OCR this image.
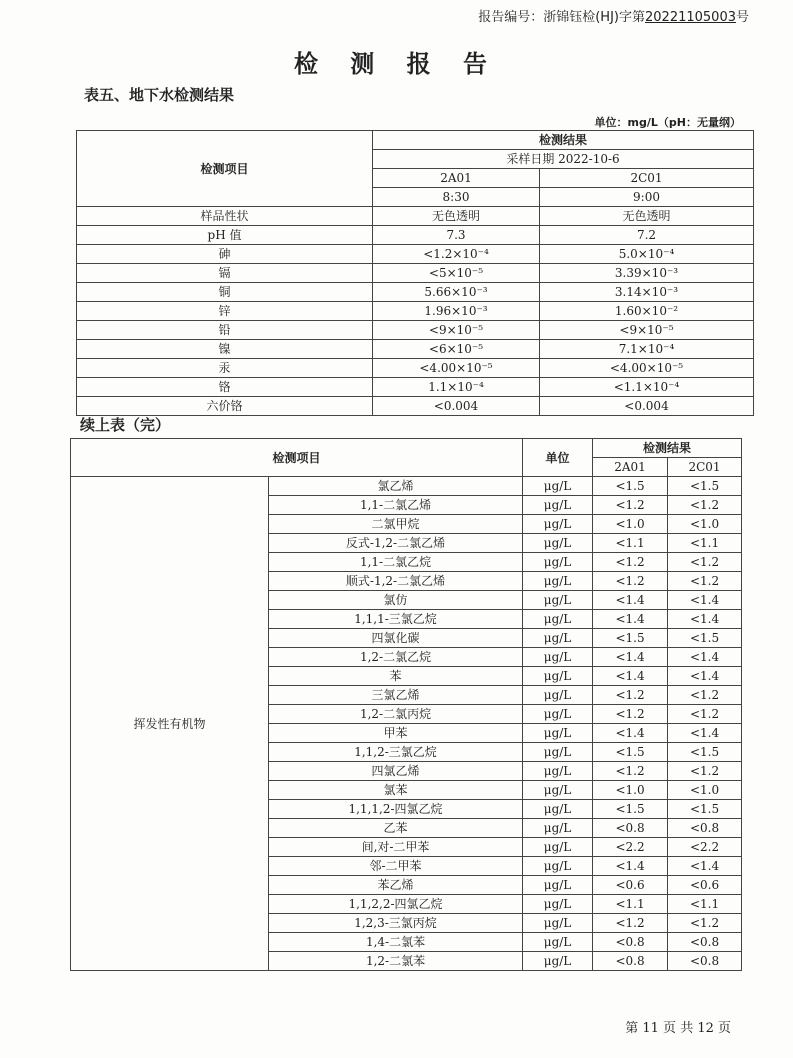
报告编号：浙锦钰检(HJ)字第20221105003号
检 测 报 告
表五、地下水检测结果
单位：mg/L（pH：无量纲）
检测项目	检测结果	
	采样日期 2022-10-6	
	2A01	2C01
	8:30	9:00
样品性状	无色透明	无色透明
pH 值	7.3	7.2
砷	<1.2×10⁻⁴	5.0×10⁻⁴
镉	<5×10⁻⁵	3.39×10⁻³
铜	5.66×10⁻³	3.14×10⁻³
锌	1.96×10⁻³	1.60×10⁻²
铅	<9×10⁻⁵	<9×10⁻⁵
镍	<6×10⁻⁵	7.1×10⁻⁴
汞	<4.00×10⁻⁵	<4.00×10⁻⁵
铬	1.1×10⁻⁴	<1.1×10⁻⁴
六价铬	<0.004	<0.004
续上表（完）
检测项目		单位	检测结果	
			2A01	2C01
挥发性有机物	氯乙烯	μg/L	<1.5	<1.5
	1,1-二氯乙烯	μg/L	<1.2	<1.2
	二氯甲烷	μg/L	<1.0	<1.0
	反式-1,2-二氯乙烯	μg/L	<1.1	<1.1
	1,1-二氯乙烷	μg/L	<1.2	<1.2
	顺式-1,2-二氯乙烯	μg/L	<1.2	<1.2
	氯仿	μg/L	<1.4	<1.4
	1,1,1-三氯乙烷	μg/L	<1.4	<1.4
	四氯化碳	μg/L	<1.5	<1.5
	1,2-二氯乙烷	μg/L	<1.4	<1.4
	苯	μg/L	<1.4	<1.4
	三氯乙烯	μg/L	<1.2	<1.2
	1,2-二氯丙烷	μg/L	<1.2	<1.2
	甲苯	μg/L	<1.4	<1.4
	1,1,2-三氯乙烷	μg/L	<1.5	<1.5
	四氯乙烯	μg/L	<1.2	<1.2
	氯苯	μg/L	<1.0	<1.0
	1,1,1,2-四氯乙烷	μg/L	<1.5	<1.5
	乙苯	μg/L	<0.8	<0.8
	间,对-二甲苯	μg/L	<2.2	<2.2
	邻-二甲苯	μg/L	<1.4	<1.4
	苯乙烯	μg/L	<0.6	<0.6
	1,1,2,2-四氯乙烷	μg/L	<1.1	<1.1
	1,2,3-三氯丙烷	μg/L	<1.2	<1.2
	1,4-二氯苯	μg/L	<0.8	<0.8
	1,2-二氯苯	μg/L	<0.8	<0.8
第 11 页 共 12 页
